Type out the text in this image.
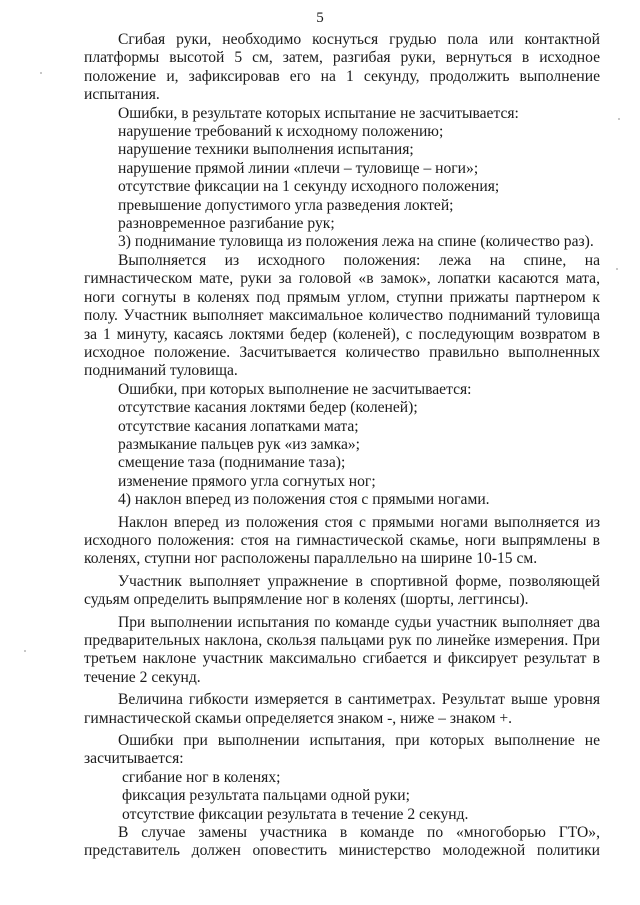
5

Сгибая руки, необходимо коснуться грудью пола или контактной платформы высотой 5 см, затем, разгибая руки, вернуться в исходное положение и, зафиксировав его на 1 секунду, продолжить выполнение испытания.

Ошибки, в результате которых испытание не засчитывается:

нарушение требований к исходному положению;

нарушение техники выполнения испытания;

нарушение прямой линии «плечи – туловище – ноги»;

отсутствие фиксации на 1 секунду исходного положения;

превышение допустимого угла разведения локтей;

разновременное разгибание рук;

3) поднимание туловища из положения лежа на спине (количество раз).

Выполняется из исходного положения: лежа на спине, на гимнастическом мате, руки за головой «в замок», лопатки касаются мата, ноги согнуты в коленях под прямым углом, ступни прижаты партнером к полу. Участник выполняет максимальное количество подниманий туловища за 1 минуту, касаясь локтями бедер (коленей), с последующим возвратом в исходное положение. Засчитывается количество правильно выполненных подниманий туловища.

Ошибки, при которых выполнение не засчитывается:

отсутствие касания локтями бедер (коленей);

отсутствие касания лопатками мата;

размыкание пальцев рук «из замка»;

смещение таза (поднимание таза);

изменение прямого угла согнутых ног;

4) наклон вперед из положения стоя с прямыми ногами.

Наклон вперед из положения стоя с прямыми ногами выполняется из исходного положения: стоя на гимнастической скамье, ноги выпрямлены в коленях, ступни ног расположены параллельно на ширине 10-15 см.

Участник выполняет упражнение в спортивной форме, позволяющей судьям определить выпрямление ног в коленях (шорты, леггинсы).

При выполнении испытания по команде судьи участник выполняет два предварительных наклона, скользя пальцами рук по линейке измерения. При третьем наклоне участник максимально сгибается и фиксирует результат в течение 2 секунд.

Величина гибкости измеряется в сантиметрах. Результат выше уровня гимнастической скамьи определяется знаком -, ниже – знаком +.

Ошибки при выполнении испытания, при которых выполнение не засчитывается:

сгибание ног в коленях;

фиксация результата пальцами одной руки;

отсутствие фиксации результата в течение 2 секунд.

В случае замены участника в команде по «многоборью ГТО», представитель должен оповестить министерство молодежной политики
